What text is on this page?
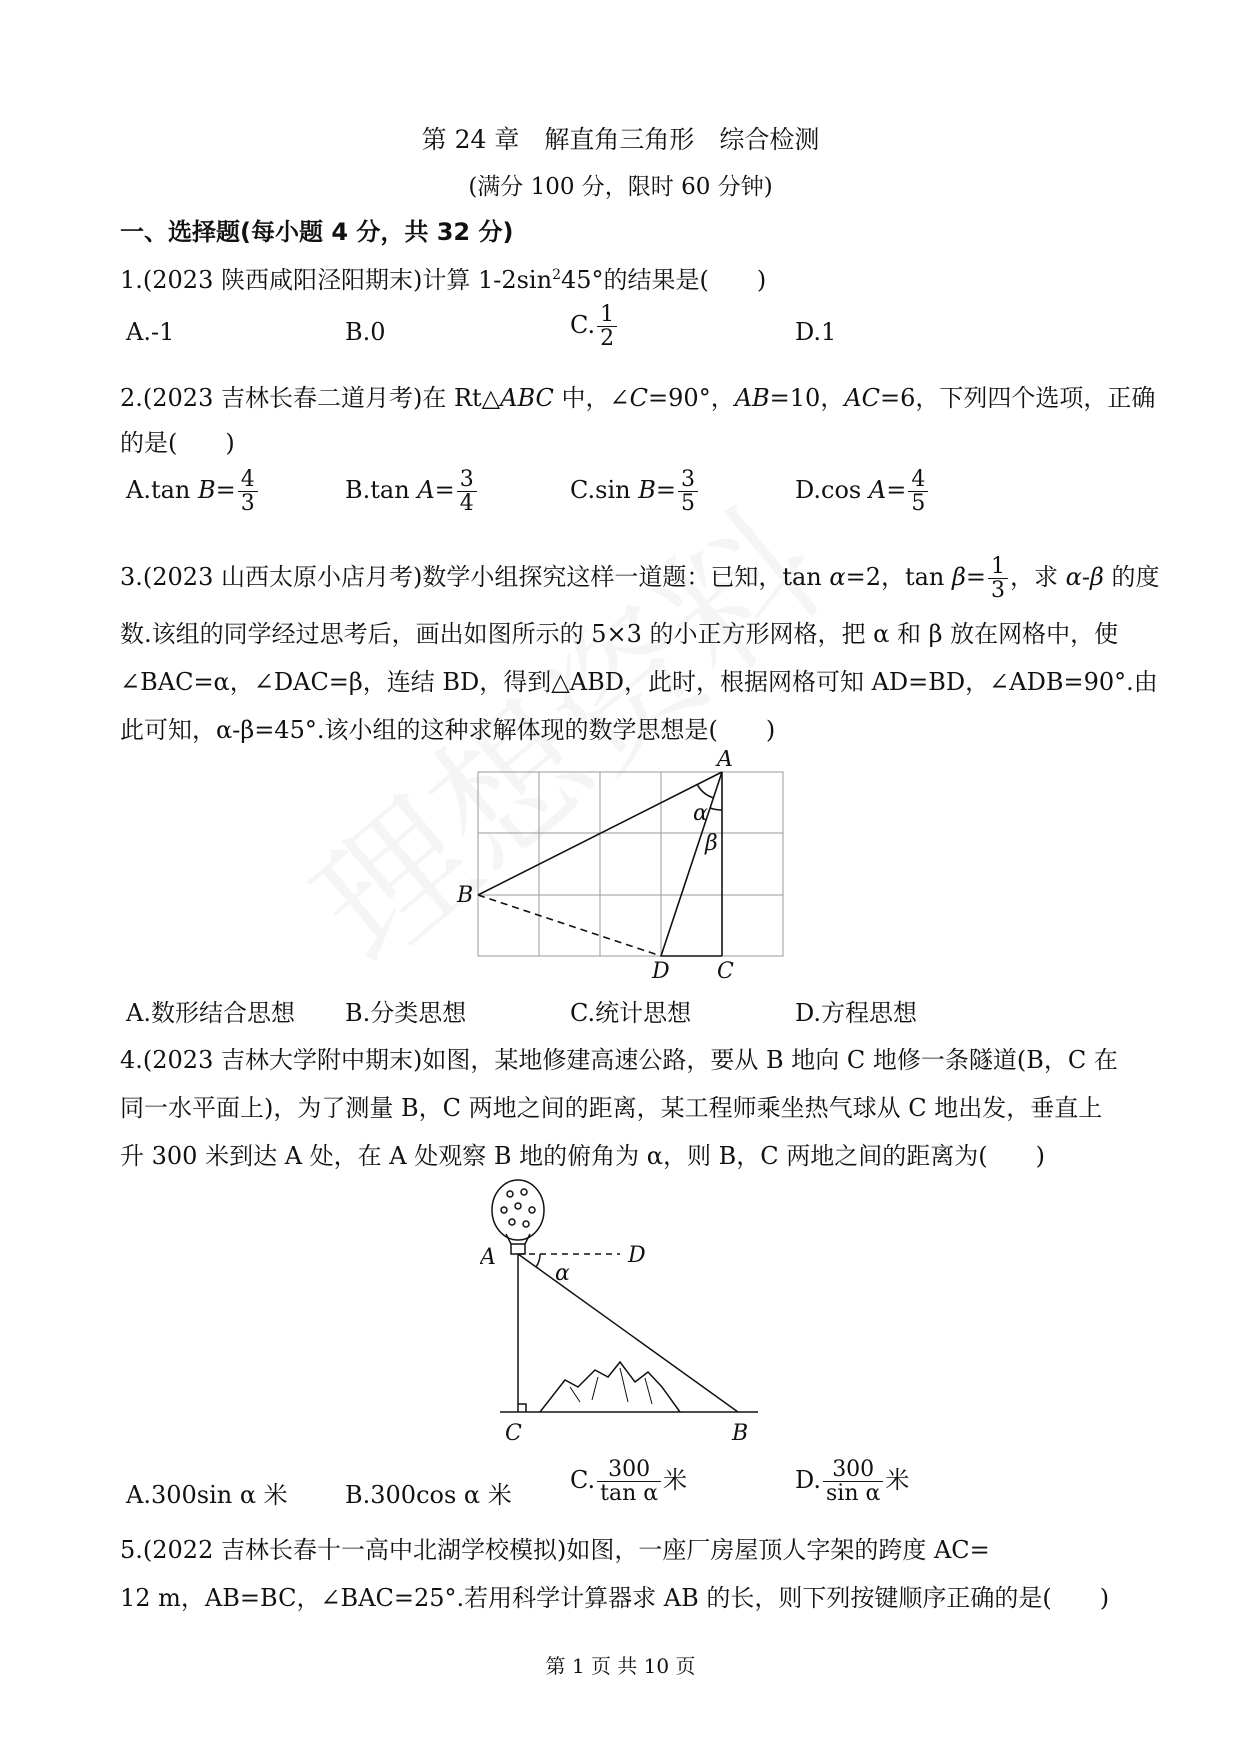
第 24 章　解直角三角形　综合检测
(满分 100 分，限时 60 分钟)
一、选择题(每小题 4 分，共 32 分)
1.(2023 陕西咸阳泾阳期末)计算 $1-2\sin^245^\circ$的结果是(　　)
A.-1	B.0	C. $\frac{1}{2}$	D.1
2.(2023 吉林长春二道月考)在 Rt△ABC 中，∠C=90°，AB=10，AC=6，下列四个选项，正确
的是(　　)
A.tan $B= \frac{4}{3}$	B.tan $A= \frac{3}{4}$	C.sin $B= \frac{3}{5}$	D.cos $A= \frac{4}{5}$
3.(2023 山西太原小店月考)数学小组探究这样一道题：已知，tan α=2，$\tan \beta= \frac{1}{3}$ ，求 α-β 的度
数.该组的同学经过思考后，画出如图所示的 5×3 的小正方形网格，把 α 和 β 放在网格中，使
∠BAC=α，∠DAC=β，连结 BD，得到△ABD，此时，根据网格可知 AD=BD，∠ADB=90°.由
此可知，α-β=45°.该小组的这种求解体现的数学思想是(　　)
A
B
C
D
α
β
A.数形结合思想 B.分类思想	C.统计思想	D.方程思想
4.(2023 吉林大学附中期末)如图，某地修建高速公路，要从 B 地向 C 地修一条隧道(B，C 在
同一水平面上)，为了测量 B，C 两地之间的距离，某工程师乘坐热气球从 C 地出发，垂直上
升 300 米到达 A 处，在 A 处观察 B 地的俯角为 α，则 B，C 两地之间的距离为(　　)
A
α
D
C	B
A.300sin α 米 B.300cos α 米
C. $\frac{300}{\text{tan α}}$ 米	D. $\frac{300}{\text{sin α}}$ 米
5.(2022 吉林长春十一高中北湖学校模拟)如图，一座厂房屋顶人字架的跨度 AC=
12 m，AB=BC，∠BAC=25°.若用科学计算器求 AB 的长，则下列按键顺序正确的是(　　)
第 1 页 共 10 页
